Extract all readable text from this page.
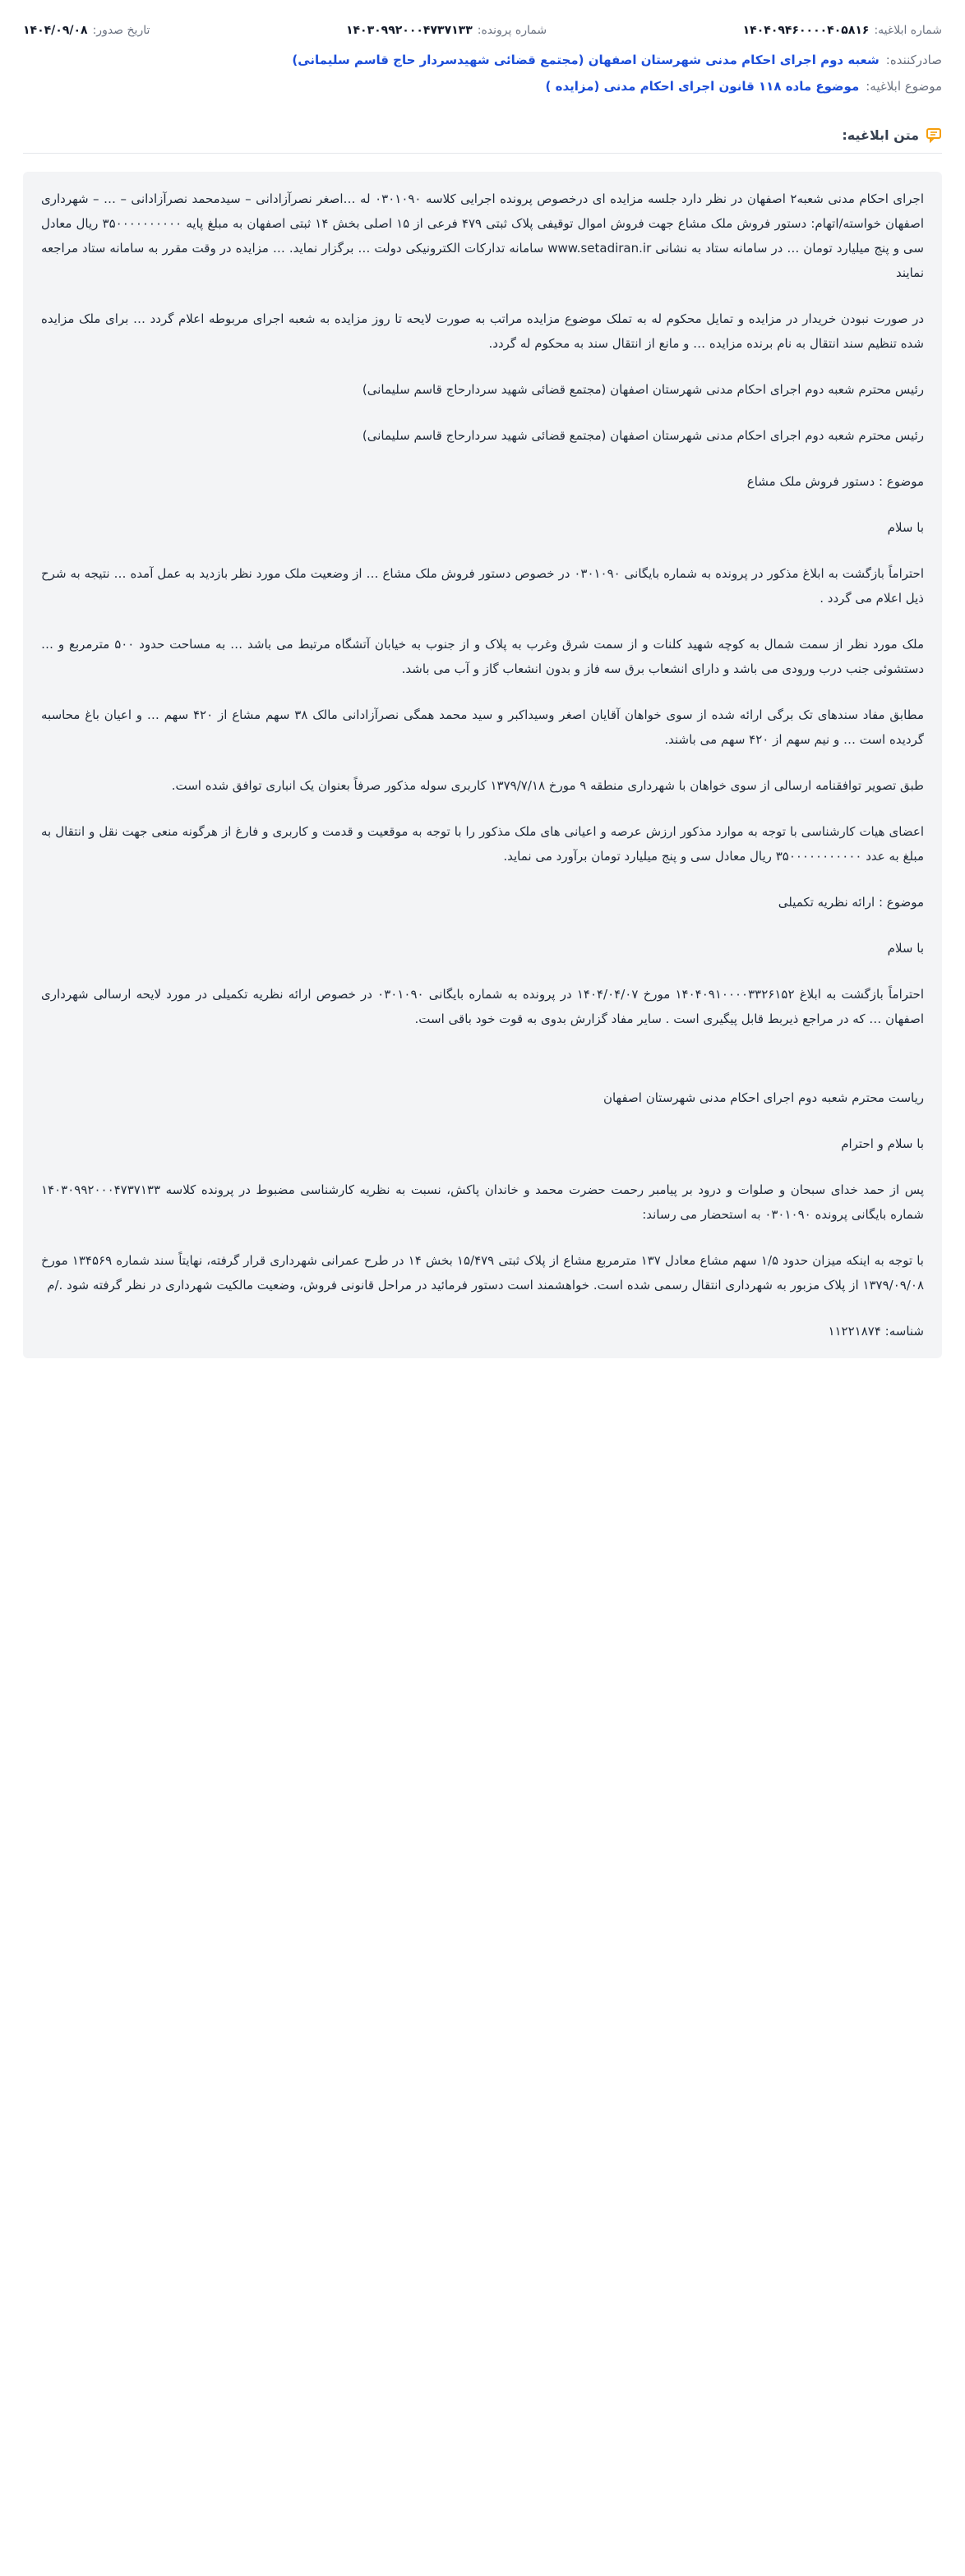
شماره ابلاغیه:
۱۴۰۴۰۹۴۶۰۰۰۰۴۰۵۸۱۶
شماره پرونده:
۱۴۰۳۰۹۹۲۰۰۰۴۷۳۷۱۳۳
تاریخ صدور:
۱۴۰۴/۰۹/۰۸
صادرکننده:
شعبه دوم اجرای احکام مدنی شهرستان اصفهان (مجتمع قضائی شهیدسردار حاج قاسم سلیمانی)
موضوع ابلاغیه:
موضوع ماده ۱۱۸ قانون اجرای احکام مدنی (مزایده )
متن ابلاغیه:

اجرای احکام مدنی شعبه۲ اصفهان در نظر دارد جلسه مزایده ای درخصوص پرونده اجرایی کلاسه ۰۳۰۱۰۹۰ له …اصغر نصرآزادانی – سیدمحمد نصرآزادانی – … – شهرداری اصفهان خواسته/اتهام: دستور فروش ملک مشاع جهت فروش اموال توقیفی پلاک ثبتی ۴۷۹ فرعی از ۱۵ اصلی بخش ۱۴ ثبتی اصفهان به مبلغ پایه ۳۵۰۰۰۰۰۰۰۰۰۰ ریال معادل سی و پنج میلیارد تومان … در سامانه ستاد به نشانی www.setadiran.ir سامانه تدارکات الکترونیکی دولت … برگزار نماید. … مزایده در وقت مقرر به سامانه ستاد مراجعه نمایند

در صورت نبودن خریدار در مزایده و تمایل محکوم له به تملک موضوع مزایده مراتب به صورت لایحه تا روز مزایده به شعبه اجرای مربوطه اعلام گردد … برای ملک مزایده شده تنظیم سند انتقال به نام برنده مزایده … و مانع از انتقال سند به محکوم له گردد.

رئیس محترم شعبه دوم اجرای احکام مدنی شهرستان اصفهان (مجتمع قضائی شهید سردارحاج قاسم سلیمانی)

رئیس محترم شعبه دوم اجرای احکام مدنی شهرستان اصفهان (مجتمع قضائی شهید سردارحاج قاسم سلیمانی)

موضوع : دستور فروش ملک مشاع

با سلام

احتراماً بازگشت به ابلاغ مذکور در پرونده به شماره بایگانی ۰۳۰۱۰۹۰ در خصوص دستور فروش ملک مشاع … از وضعیت ملک مورد نظر بازدید به عمل آمده … نتیجه به شرح ذیل اعلام می گردد .

ملک مورد نظر از سمت شمال به کوچه شهید کلنات و از سمت شرق وغرب به پلاک و از جنوب به خیابان آتشگاه مرتبط می باشد … به مساحت حدود ۵۰۰ مترمربع و … دستشوئی جنب درب ورودی می باشد و دارای انشعاب برق سه فاز و بدون انشعاب گاز و آب می باشد.

مطابق مفاد سندهای تک برگی ارائه شده از سوی خواهان آقایان اصغر وسیداکبر و سید محمد همگی نصرآزادانی مالک ۳۸ سهم مشاع از ۴۲۰ سهم … و اعیان باغ محاسبه گردیده است … و نیم سهم از ۴۲۰ سهم می باشند.

طبق تصویر توافقنامه ارسالی از سوی خواهان با شهرداری منطقه ۹ مورخ ۱۳۷۹/۷/۱۸ کاربری سوله مذکور صرفاً بعنوان یک انباری توافق شده است.

اعضای هیات کارشناسی با توجه به موارد مذکور ارزش عرصه و اعیانی های ملک مذکور را با توجه به موقعیت و قدمت و کاربری و فارغ از هرگونه منعی جهت نقل و انتقال به مبلغ به عدد ۳۵۰۰۰۰۰۰۰۰۰۰۰ ریال معادل سی و پنج میلیارد تومان برآورد می نماید.

موضوع : ارائه نظریه تکمیلی

با سلام

احتراماً بازگشت به ابلاغ ۱۴۰۴۰۹۱۰۰۰۰۳۳۲۶۱۵۲ مورخ ۱۴۰۴/۰۴/۰۷ در پرونده به شماره بایگانی ۰۳۰۱۰۹۰ در خصوص ارائه نظریه تکمیلی در مورد لایحه ارسالی شهرداری اصفهان … که در مراجع ذیربط قابل پیگیری است . سایر مفاد گزارش بدوی به قوت خود باقی است.

ریاست محترم شعبه دوم اجرای احکام مدنی شهرستان اصفهان

با سلام و احترام

پس از حمد خدای سبحان و صلوات و درود بر پیامبر رحمت حضرت محمد و خاندان پاکش، نسبت به نظریه کارشناسی مضبوط در پرونده کلاسه ۱۴۰۳۰۹۹۲۰۰۰۴۷۳۷۱۳۳ شماره بایگانی پرونده ۰۳۰۱۰۹۰ به استحضار می رساند:

با توجه به اینکه میزان حدود ۱/۵ سهم مشاع معادل ۱۳۷ مترمربع مشاع از پلاک ثبتی ۱۵/۴۷۹ بخش ۱۴ در طرح عمرانی شهرداری قرار گرفته، نهایتاً سند شماره ۱۳۴۵۶۹ مورخ ۱۳۷۹/۰۹/۰۸ از پلاک مزبور به شهرداری انتقال رسمی شده است. خواهشمند است دستور فرمائید در مراحل قانونی فروش، وضعیت مالکیت شهرداری در نظر گرفته شود ./م

شناسه: ۱۱۲۲۱۸۷۴
